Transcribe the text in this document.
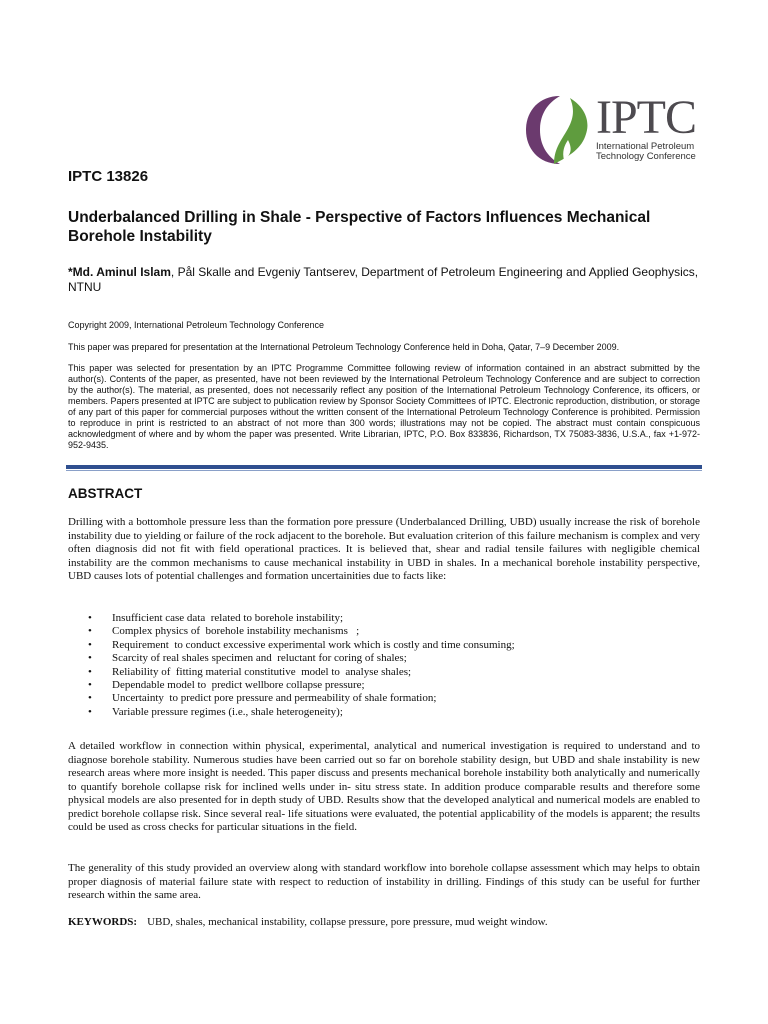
IPTC
International Petroleum
Technology Conference
IPTC 13826
Underbalanced Drilling in Shale - Perspective of Factors Influences Mechanical Borehole Instability
*Md. Aminul Islam, Pål Skalle and Evgeniy Tantserev, Department of Petroleum Engineering and Applied Geophysics, NTNU
Copyright 2009, International Petroleum Technology Conference
This paper was prepared for presentation at the International Petroleum Technology Conference held in Doha, Qatar, 7–9 December 2009.
This paper was selected for presentation by an IPTC Programme Committee following review of information contained in an abstract submitted by the author(s). Contents of the paper, as presented, have not been reviewed by the International Petroleum Technology Conference and are subject to correction by the author(s). The material, as presented, does not necessarily reflect any position of the International Petroleum Technology Conference, its officers, or members. Papers presented at IPTC are subject to publication review by Sponsor Society Committees of IPTC. Electronic reproduction, distribution, or storage of any part of this paper for commercial purposes without the written consent of the International Petroleum Technology Conference is prohibited. Permission to reproduce in print is restricted to an abstract of not more than 300 words; illustrations may not be copied. The abstract must contain conspicuous acknowledgment of where and by whom the paper was presented. Write Librarian, IPTC, P.O. Box 833836, Richardson, TX 75083-3836, U.S.A., fax +1-972-952-9435.
ABSTRACT
Drilling with a bottomhole pressure less than the formation pore pressure (Underbalanced Drilling, UBD) usually increase the risk of borehole instability due to yielding or failure of the rock adjacent to the borehole. But evaluation criterion of this failure mechanism is complex and very often diagnosis did not fit with field operational practices. It is believed that, shear and radial tensile failures with negligible chemical instability are the common mechanisms to cause mechanical instability in UBD in shales. In a mechanical borehole instability perspective, UBD causes lots of potential challenges and formation uncertainities due to facts like:
• Insufficient case data  related to borehole instability;
• Complex physics of  borehole instability mechanisms   ;
• Requirement  to conduct excessive experimental work which is costly and time consuming;
• Scarcity of real shales specimen and  reluctant for coring of shales;
• Reliability of  fitting material constitutive  model to  analyse shales;
• Dependable model to  predict wellbore collapse pressure;
• Uncertainty  to predict pore pressure and permeability of shale formation;
• Variable pressure regimes (i.e., shale heterogeneity);
A detailed workflow in connection within physical, experimental, analytical and numerical investigation is required to understand and to diagnose borehole stability. Numerous studies have been carried out so far on borehole stability design, but UBD and shale instability is new research areas where more insight is needed. This paper discuss and presents mechanical borehole instability both analytically and numerically to quantify borehole collapse risk for inclined wells under in- situ stress state. In addition produce comparable results and therefore some physical models are also presented for in depth study of UBD. Results show that the developed analytical and numerical models are enabled to predict borehole collapse risk. Since several real- life situations were evaluated, the potential applicability of the models is apparent; the results could be used as cross checks for particular situations in the field.
The generality of this study provided an overview along with standard workflow into borehole collapse assessment which may helps to obtain proper diagnosis of material failure state with respect to reduction of instability in drilling. Findings of this study can be useful for further research within the same area.
KEYWORDS: UBD, shales, mechanical instability, collapse pressure, pore pressure, mud weight window.
